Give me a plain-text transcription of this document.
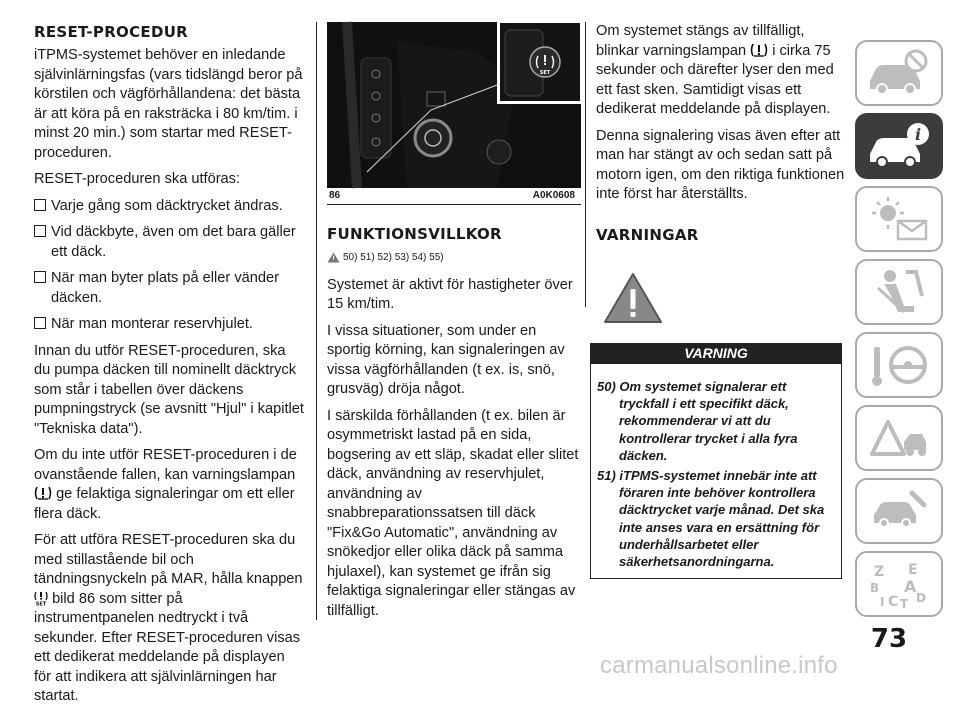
RESET-PROCEDUR

iTPMS-systemet behöver en inledande självinlärningsfas (vars tidslängd beror på körstilen och vägförhållandena: det bästa är att köra på en raksträcka i 80 km/tim. i minst 20 min.) som startar med RESET-proceduren.

RESET-proceduren ska utföras:

Varje gång som däcktrycket ändras.
Vid däckbyte, även om det bara gäller ett däck.
När man byter plats på eller vänder däcken.
När man monterar reservhjulet.

Innan du utför RESET-proceduren, ska du pumpa däcken till nominellt däcktryck som står i tabellen över däckens pumpningstryck (se avsnitt "Hjul" i kapitlet "Tekniska data").

Om du inte utför RESET-proceduren i de ovanstående fallen, kan varningslampan  ge felaktiga signaleringar om ett eller flera däck.

För att utföra RESET-proceduren ska du med stillastående bil och tändningsnyckeln på MAR, hålla knappen
SET bild 86 som sitter på instrumentpanelen nedtryckt i två sekunder. Efter RESET-proceduren visas ett dedikerat meddelande på displayen för att indikera att självinlärningen har startat.

SET
86	A0K0608
FUNKTIONSVILLKOR
50) 51) 52) 53) 54) 55)

Systemet är aktivt för hastigheter över 15 km/tim.

I vissa situationer, som under en sportig körning, kan signaleringen av vissa vägförhållanden (t ex. is, snö, grusväg) dröja något.

I särskilda förhållanden (t ex. bilen är osymmetriskt lastad på en sida, bogsering av ett släp, skadat eller slitet däck, användning av reservhjulet, användning av snabbreparationssatsen till däck "Fix&Go Automatic", användning av snökedjor eller olika däck på samma hjulaxel), kan systemet ge ifrån sig felaktiga signaleringar eller stängas av tillfälligt.

Om systemet stängs av tillfälligt, blinkar varningslampan i cirka 75 sekunder och därefter lyser den med ett fast sken. Samtidigt visas ett dedikerat meddelande på displayen.

Denna signalering visas även efter att man har stängt av och sedan satt på motorn igen, om den riktiga funktionen inte först har återställts.

VARNINGAR
VARNING
50) Om systemet signalerar ett tryckfall i ett specifikt däck, rekommenderar vi att du kontrollerar trycket i alla fyra däcken.
51) iTPMS-systemet innebär inte att föraren inte behöver kontrollera däcktrycket varje månad. Det ska inte anses vara en ersättning för underhållsarbetet eller säkerhetsanordningarna.
i
Z E
B A
I C T D
73
carmanualsonline.info
